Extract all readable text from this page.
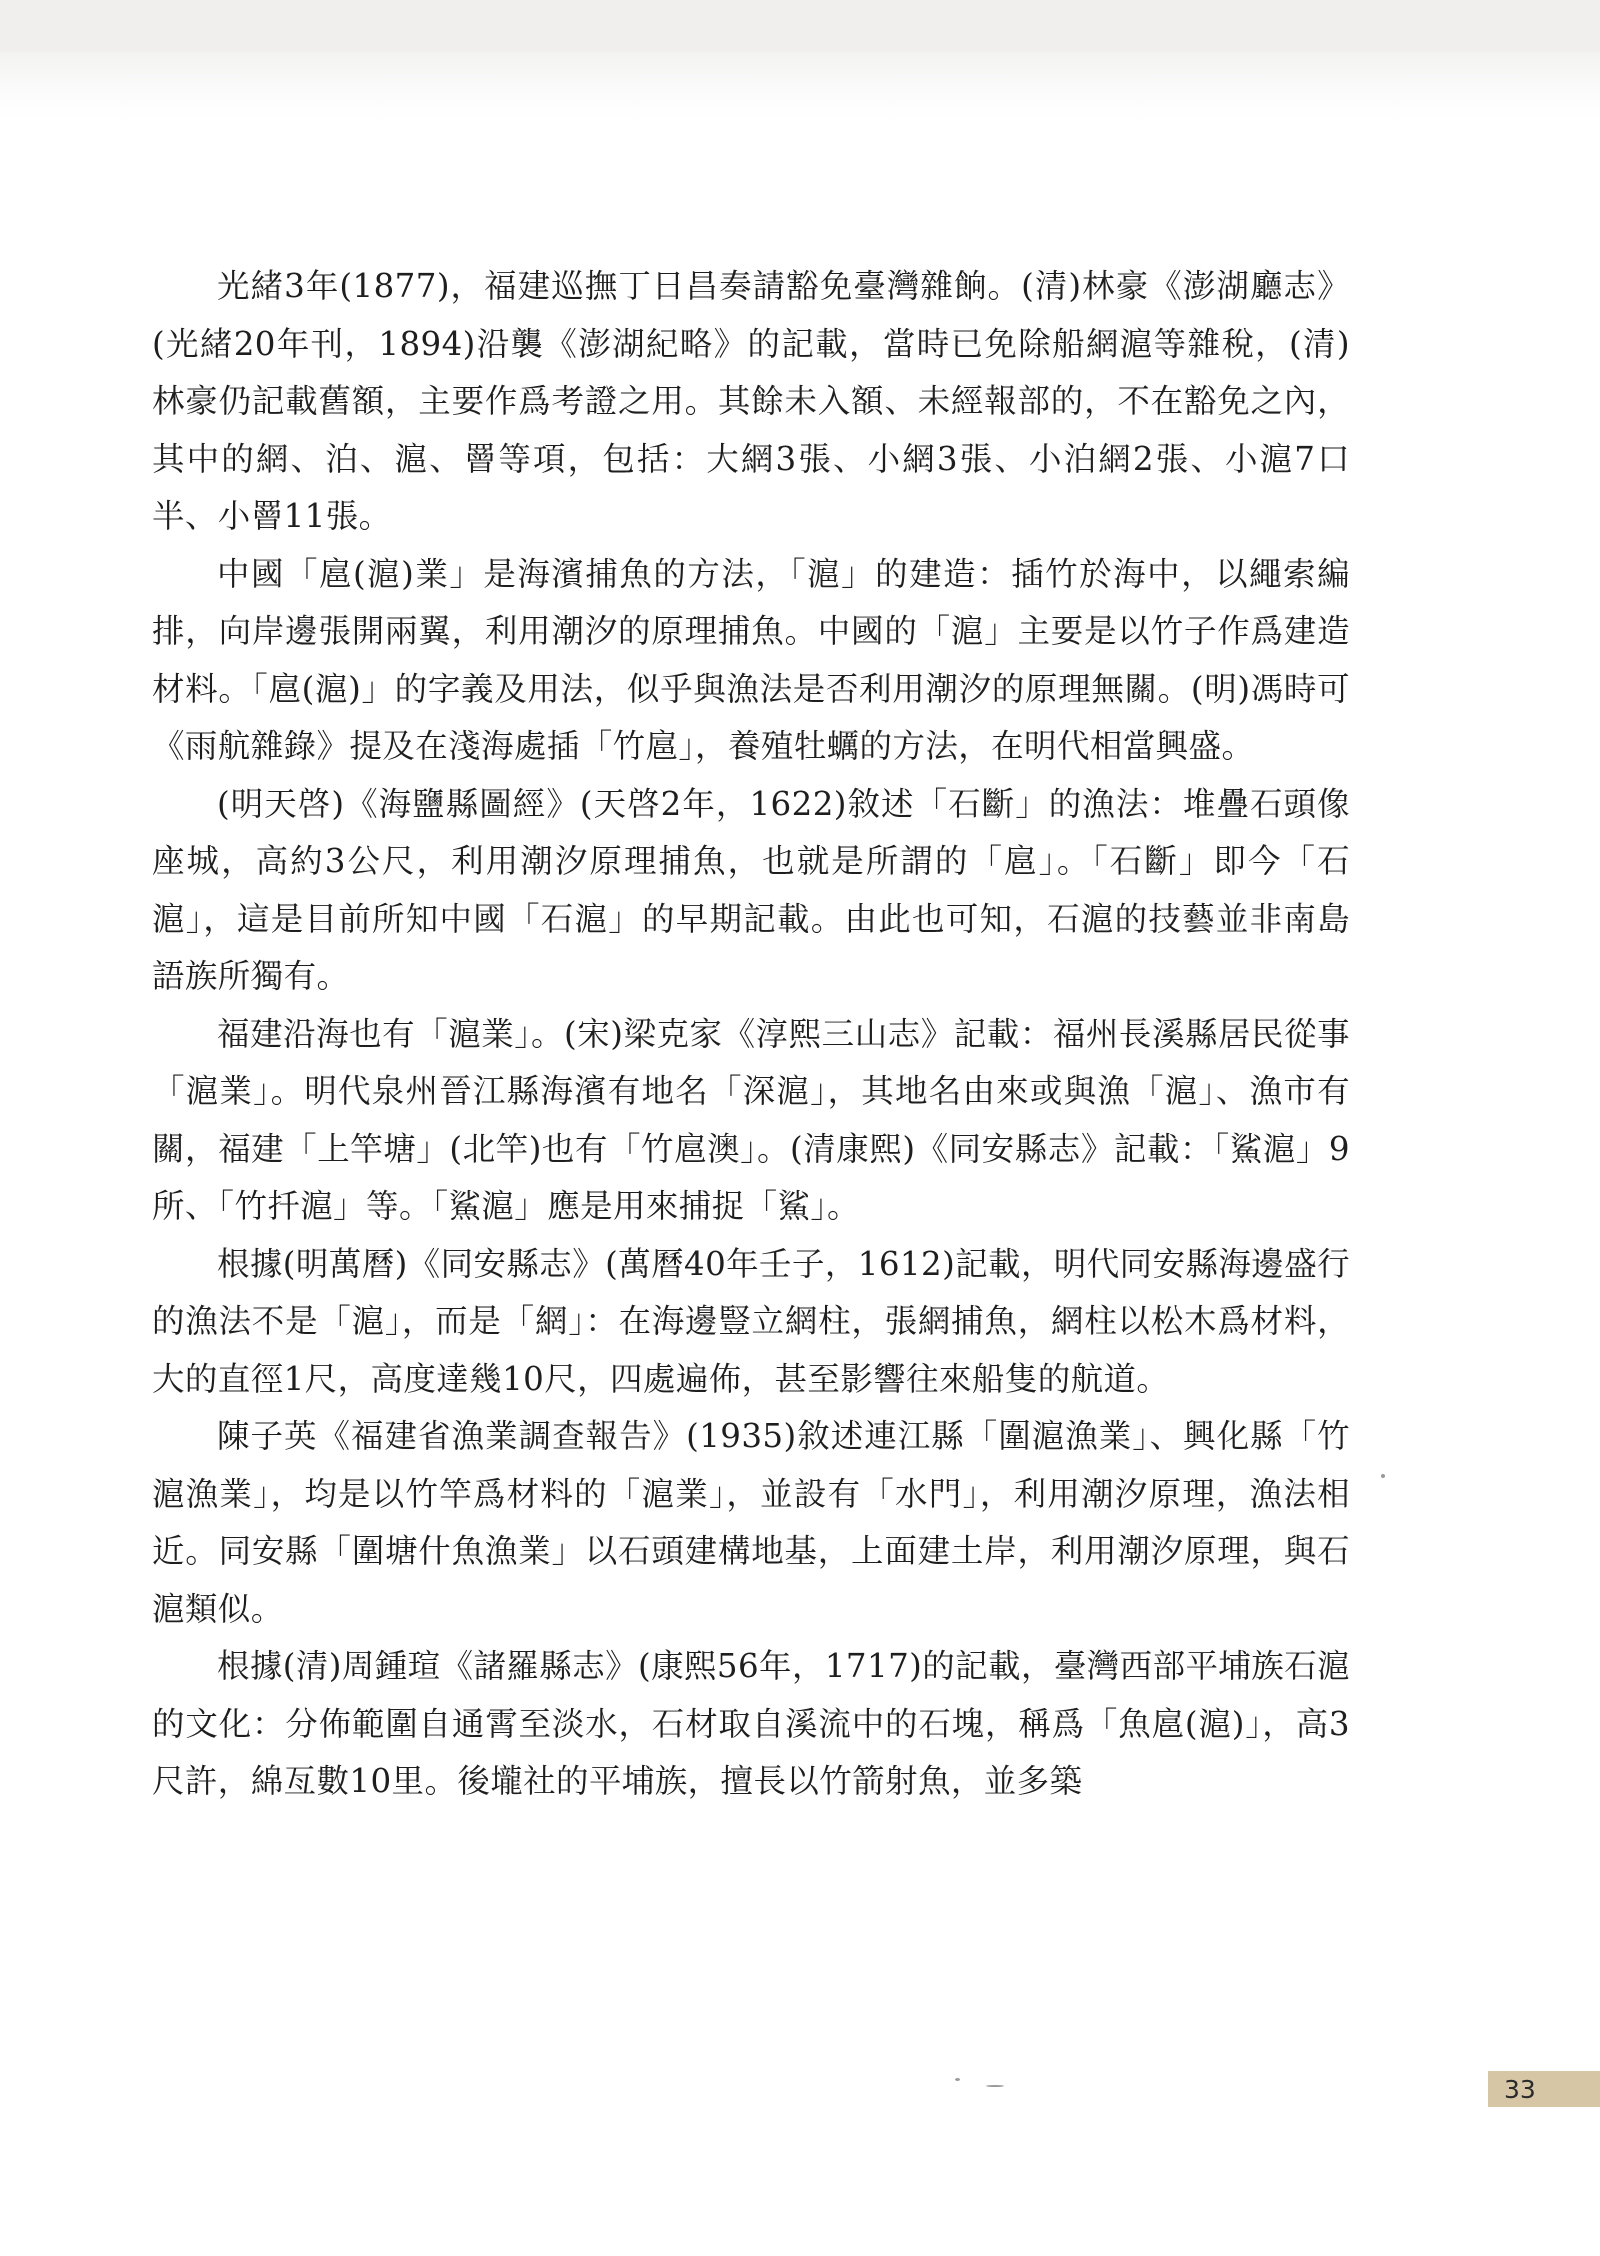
光緒3年(1877)，福建巡撫丁日昌奏請豁免臺灣雜餉。(清)林豪《澎湖廳志》(光緒20年刊，1894)沿襲《澎湖紀略》的記載，當時已免除船網滬等雜稅，(清)林豪仍記載舊額，主要作爲考證之用。其餘未入額、未經報部的，不在豁免之內，其中的網、泊、滬、罾等項，包括：大網3張、小網3張、小泊網2張、小滬7口半、小罾11張。

中國「扈(滬)業」是海濱捕魚的方法，「滬」的建造：插竹於海中，以繩索編排，向岸邊張開兩翼，利用潮汐的原理捕魚。中國的「滬」主要是以竹子作爲建造材料。「扈(滬)」的字義及用法，似乎與漁法是否利用潮汐的原理無關。(明)馮時可《雨航雜錄》提及在淺海處插「竹扈」，養殖牡蠣的方法，在明代相當興盛。

(明天啓)《海鹽縣圖經》(天啓2年，1622)敘述「石斷」的漁法：堆疊石頭像座城，高約3公尺，利用潮汐原理捕魚，也就是所謂的「扈」。「石斷」即今「石滬」，這是目前所知中國「石滬」的早期記載。由此也可知，石滬的技藝並非南島語族所獨有。

福建沿海也有「滬業」。(宋)梁克家《淳熙三山志》記載：福州長溪縣居民從事「滬業」。明代泉州晉江縣海濱有地名「深滬」，其地名由來或與漁「滬」、漁市有關，福建「上竿塘」(北竿)也有「竹扈澳」。(清康熙)《同安縣志》記載：「鯊滬」9所、「竹扦滬」等。「鯊滬」應是用來捕捉「鯊」。

根據(明萬曆)《同安縣志》(萬曆40年壬子，1612)記載，明代同安縣海邊盛行的漁法不是「滬」，而是「網」：在海邊豎立網柱，張網捕魚，網柱以松木爲材料，大的直徑1尺，高度達幾10尺，四處遍佈，甚至影響往來船隻的航道。

陳子英《福建省漁業調查報告》(1935)敘述連江縣「圍滬漁業」、興化縣「竹滬漁業」，均是以竹竿爲材料的「滬業」，並設有「水門」，利用潮汐原理，漁法相近。同安縣「圍塘什魚漁業」以石頭建構地基，上面建土岸，利用潮汐原理，與石滬類似。

根據(清)周鍾瑄《諸羅縣志》(康熙56年，1717)的記載，臺灣西部平埔族石滬的文化：分佈範圍自通霄至淡水，石材取自溪流中的石塊，稱爲「魚扈(滬)」，高3尺許，綿亙數10里。後壠社的平埔族，擅長以竹箭射魚，並多築

33
